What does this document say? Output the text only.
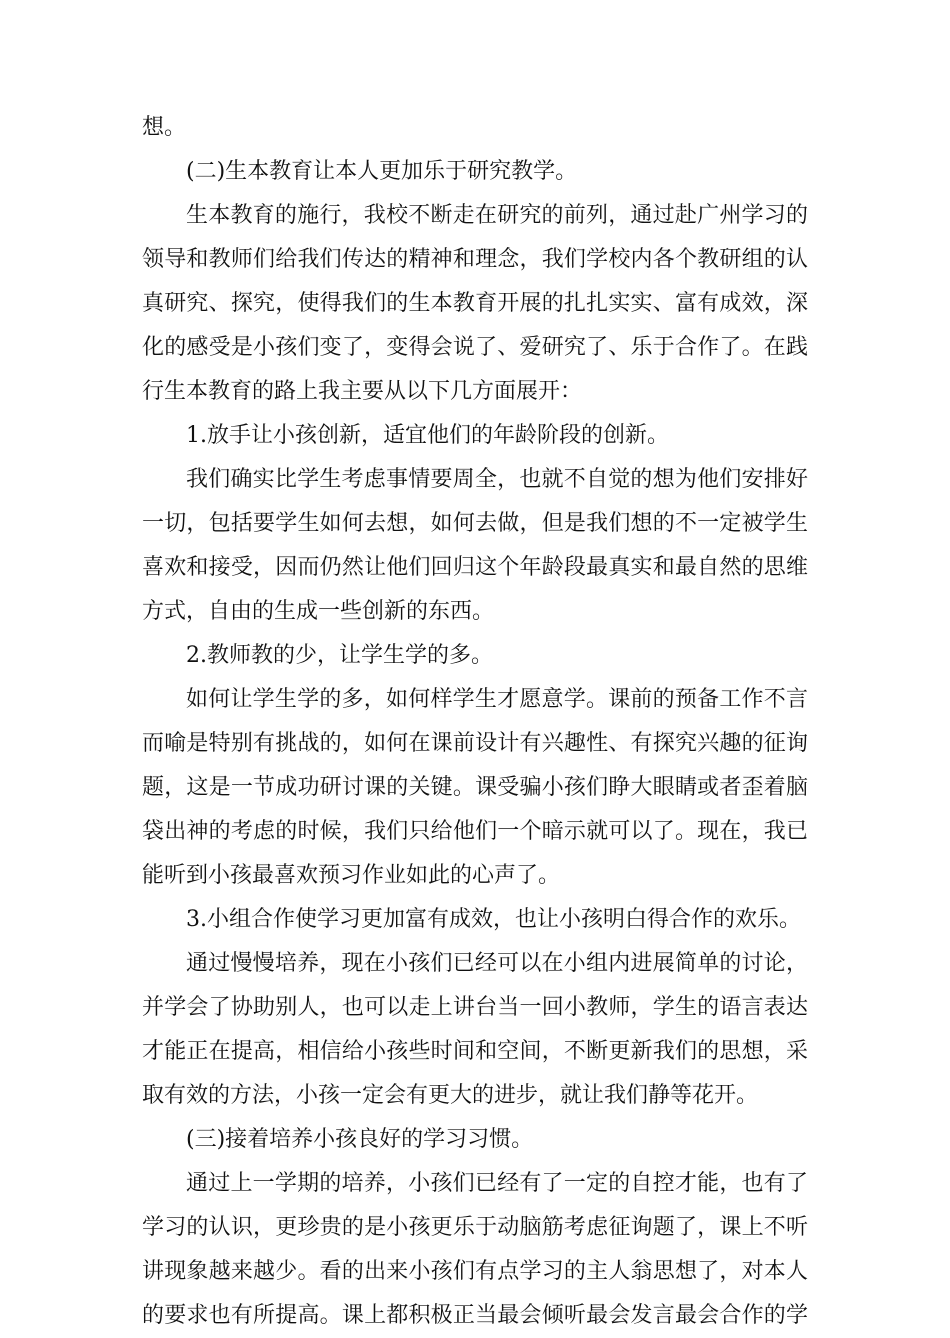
想。
(二)生本教育让本人更加乐于研究教学。
生本教育的施行，我校不断走在研究的前列，通过赴广州学习的
领导和教师们给我们传达的精神和理念，我们学校内各个教研组的认
真研究、探究，使得我们的生本教育开展的扎扎实实、富有成效，深
化的感受是小孩们变了，变得会说了、爱研究了、乐于合作了。在践
行生本教育的路上我主要从以下几方面展开：
1.放手让小孩创新，适宜他们的年龄阶段的创新。
我们确实比学生考虑事情要周全，也就不自觉的想为他们安排好
一切，包括要学生如何去想，如何去做，但是我们想的不一定被学生
喜欢和接受，因而仍然让他们回归这个年龄段最真实和最自然的思维
方式，自由的生成一些创新的东西。
2.教师教的少，让学生学的多。
如何让学生学的多，如何样学生才愿意学。课前的预备工作不言
而喻是特别有挑战的，如何在课前设计有兴趣性、有探究兴趣的征询
题，这是一节成功研讨课的关键。课受骗小孩们睁大眼睛或者歪着脑
袋出神的考虑的时候，我们只给他们一个暗示就可以了。现在，我已
能听到小孩最喜欢预习作业如此的心声了。
3.小组合作使学习更加富有成效，也让小孩明白得合作的欢乐。
通过慢慢培养，现在小孩们已经可以在小组内进展简单的讨论，
并学会了协助别人，也可以走上讲台当一回小教师，学生的语言表达
才能正在提高，相信给小孩些时间和空间，不断更新我们的思想，采
取有效的方法，小孩一定会有更大的进步，就让我们静等花开。
(三)接着培养小孩良好的学习习惯。
通过上一学期的培养，小孩们已经有了一定的自控才能，也有了
学习的认识，更珍贵的是小孩更乐于动脑筋考虑征询题了，课上不听
讲现象越来越少。看的出来小孩们有点学习的主人翁思想了，对本人
的要求也有所提高。课上都积极正当最会倾听最会发言最会合作的学
